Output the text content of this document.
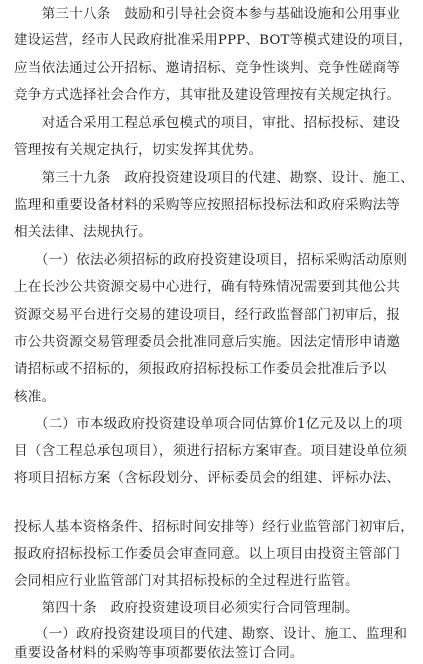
　　第三十八条　鼓励和引导社会资本参与基础设施和公用事业
建设运营，经市人民政府批准采用PPP、BOT等模式建设的项目，
应当依法通过公开招标、邀请招标、竞争性谈判、竞争性磋商等
竞争方式选择社会合作方，其审批及建设管理按有关规定执行。
　　对适合采用工程总承包模式的项目，审批、招标投标、建设
管理按有关规定执行，切实发挥其优势。
　　第三十九条　政府投资建设项目的代建、勘察、设计、施工、
监理和重要设备材料的采购等应按照招标投标法和政府采购法等
相关法律、法规执行。
　　（一）依法必须招标的政府投资建设项目，招标采购活动原则
上在长沙公共资源交易中心进行，确有特殊情况需要到其他公共
资源交易平台进行交易的建设项目，经行政监督部门初审后，报
市公共资源交易管理委员会批准同意后实施。因法定情形申请邀
请招标或不招标的，须报政府招标投标工作委员会批准后予以
核准。
　　（二）市本级政府投资建设单项合同估算价1亿元及以上的项
目（含工程总承包项目），须进行招标方案审查。项目建设单位须
将项目招标方案（含标段划分、评标委员会的组建、评标办法、
投标人基本资格条件、招标时间安排等）经行业监管部门初审后，
报政府招标投标工作委员会审查同意。以上项目由投资主管部门
会同相应行业监管部门对其招标投标的全过程进行监管。
　　第四十条　政府投资建设项目必须实行合同管理制。
　　（一）政府投资建设项目的代建、勘察、设计、施工、监理和
重要设备材料的采购等事项都要依法签订合同。
